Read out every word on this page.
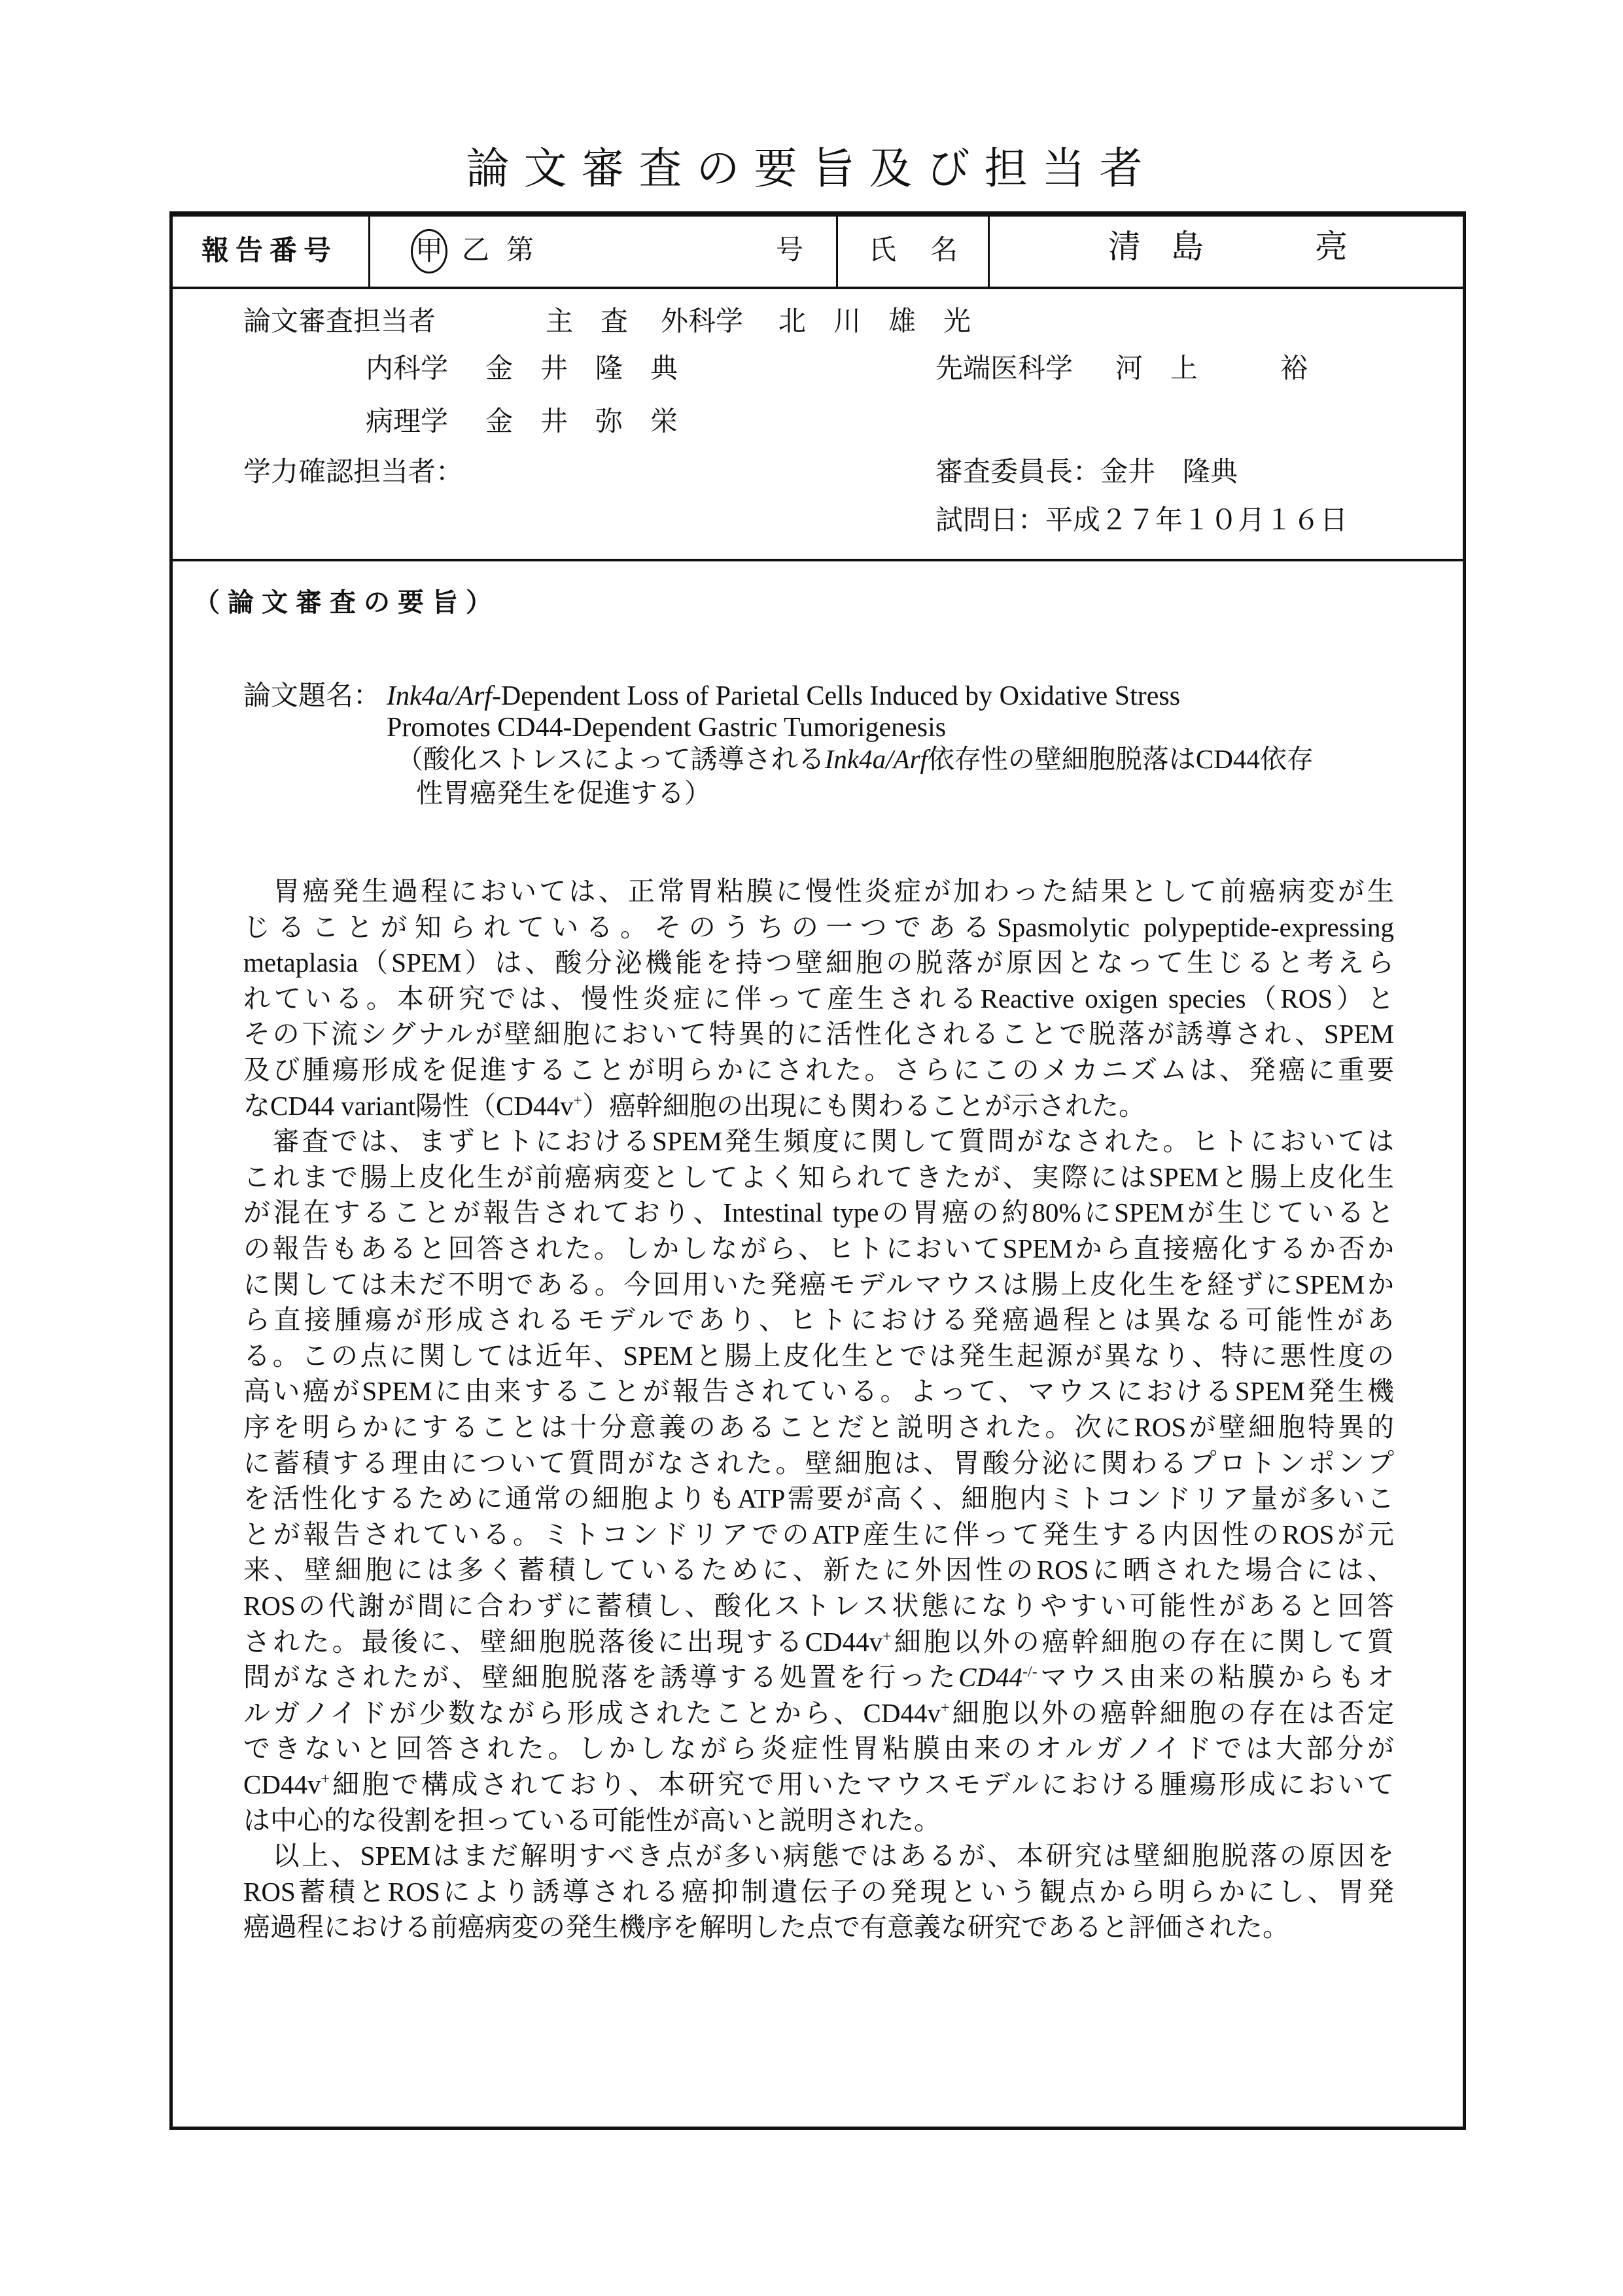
論文審査の要旨及び担当者
報告番号	甲 乙 第	号 氏 名	清 島	亮
論文審査担当者	主　査 外科学 北　川　雄　光
内科学 金　井　隆　典	先端医科学 河　上　　　裕
病理学 金　井　弥　栄
学力確認担当者：	審査委員長：金井　隆典
試問日：平成２７年１０月１６日
（論文審査の要旨）
論文題名： Ink4a/Arf-Dependent Loss of Parietal Cells Induced by Oxidative Stress
Promotes CD44-Dependent Gastric Tumorigenesis
（酸化ストレスによって誘導されるInk4a/Arf依存性の壁細胞脱落はCD44依存
性胃癌発生を促進する）
　胃癌発生過程においては、正常胃粘膜に慢性炎症が加わった結果として前癌病変が生
じることが知られている。そのうちの一つであるSpasmolytic polypeptide-expressing
metaplasia（SPEM）は、酸分泌機能を持つ壁細胞の脱落が原因となって生じると考えら
れている。本研究では、慢性炎症に伴って産生されるReactive oxigen species（ROS）と
その下流シグナルが壁細胞において特異的に活性化されることで脱落が誘導され、SPEM
及び腫瘍形成を促進することが明らかにされた。さらにこのメカニズムは、発癌に重要
なCD44 variant陽性（CD44v+）癌幹細胞の出現にも関わることが示された。
　審査では、まずヒトにおけるSPEM発生頻度に関して質問がなされた。ヒトにおいては
これまで腸上皮化生が前癌病変としてよく知られてきたが、実際にはSPEMと腸上皮化生
が混在することが報告されており、Intestinal typeの胃癌の約80%にSPEMが生じていると
の報告もあると回答された。しかしながら、ヒトにおいてSPEMから直接癌化するか否か
に関しては未だ不明である。今回用いた発癌モデルマウスは腸上皮化生を経ずにSPEMか
ら直接腫瘍が形成されるモデルであり、ヒトにおける発癌過程とは異なる可能性があ
る。この点に関しては近年、SPEMと腸上皮化生とでは発生起源が異なり、特に悪性度の
高い癌がSPEMに由来することが報告されている。よって、マウスにおけるSPEM発生機
序を明らかにすることは十分意義のあることだと説明された。次にROSが壁細胞特異的
に蓄積する理由について質問がなされた。壁細胞は、胃酸分泌に関わるプロトンポンプ
を活性化するために通常の細胞よりもATP需要が高く、細胞内ミトコンドリア量が多いこ
とが報告されている。ミトコンドリアでのATP産生に伴って発生する内因性のROSが元
来、壁細胞には多く蓄積しているために、新たに外因性のROSに晒された場合には、
ROSの代謝が間に合わずに蓄積し、酸化ストレス状態になりやすい可能性があると回答
された。最後に、壁細胞脱落後に出現するCD44v+細胞以外の癌幹細胞の存在に関して質
問がなされたが、壁細胞脱落を誘導する処置を行ったCD44-/-マウス由来の粘膜からもオ
ルガノイドが少数ながら形成されたことから、CD44v+細胞以外の癌幹細胞の存在は否定
できないと回答された。しかしながら炎症性胃粘膜由来のオルガノイドでは大部分が
CD44v+細胞で構成されており、本研究で用いたマウスモデルにおける腫瘍形成において
は中心的な役割を担っている可能性が高いと説明された。
　以上、SPEMはまだ解明すべき点が多い病態ではあるが、本研究は壁細胞脱落の原因を
ROS蓄積とROSにより誘導される癌抑制遺伝子の発現という観点から明らかにし、胃発
癌過程における前癌病変の発生機序を解明した点で有意義な研究であると評価された。
